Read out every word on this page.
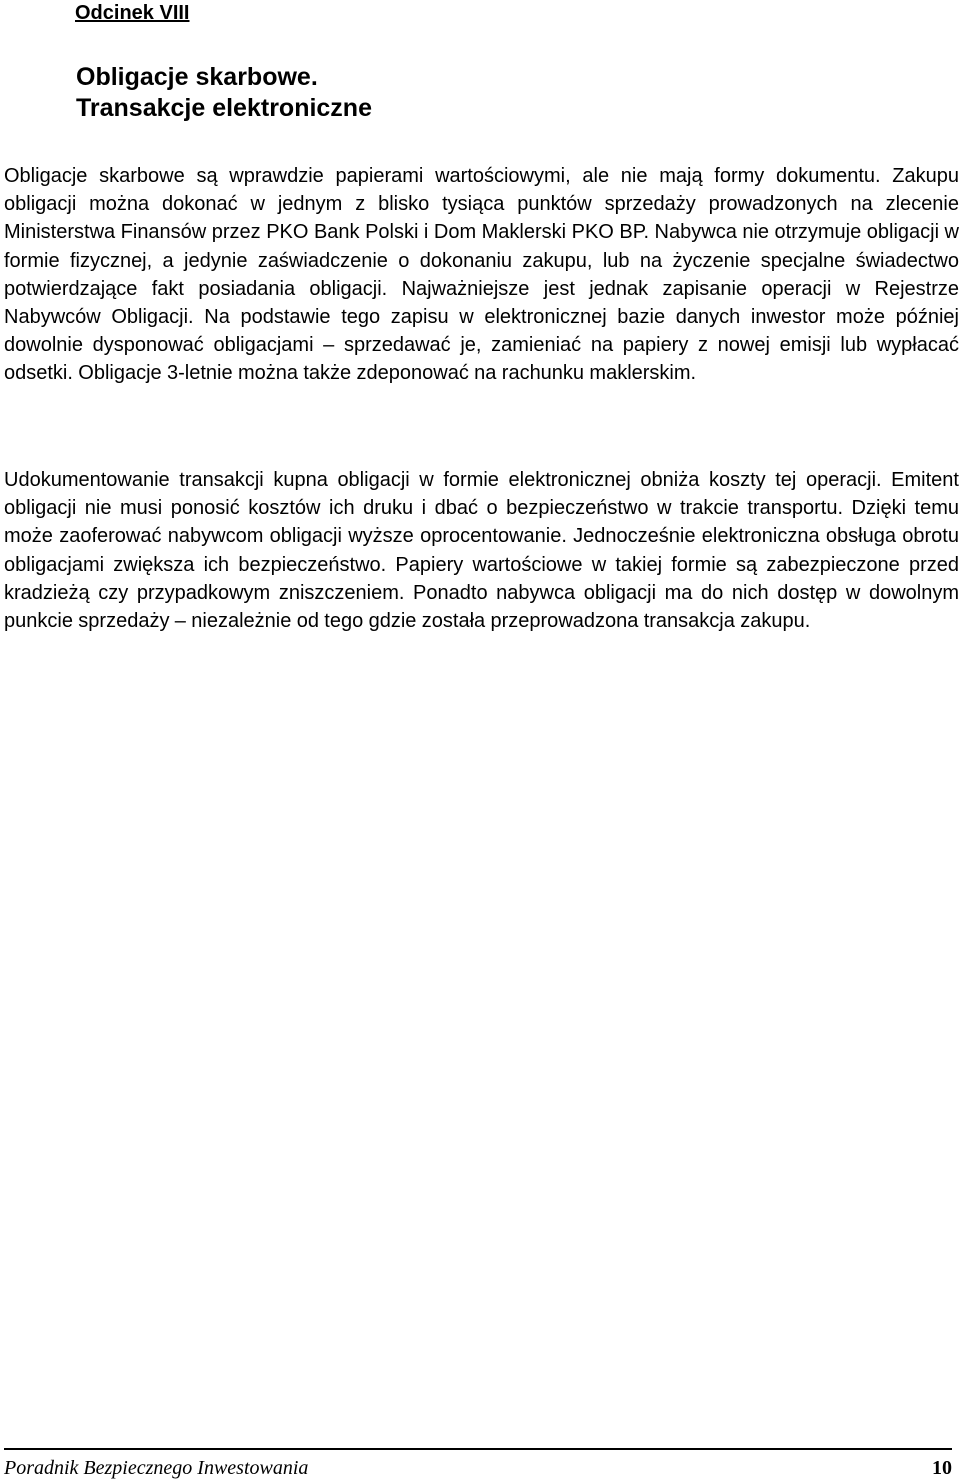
Odcinek VIII
Obligacje skarbowe.
Transakcje elektroniczne

Obligacje skarbowe są wprawdzie papierami wartościowymi, ale nie mają formy dokumentu. Zakupu obligacji można dokonać w jednym z blisko tysiąca punktów sprzedaży prowadzonych na zlecenie Ministerstwa Finansów przez PKO Bank Polski i Dom Maklerski PKO BP. Nabywca nie otrzymuje obligacji w formie fizycznej, a jedynie zaświadczenie o dokonaniu zakupu, lub na życzenie specjalne świadectwo potwierdzające fakt posiadania obligacji. Najważniejsze jest jednak zapisanie operacji w Rejestrze Nabywców Obligacji. Na podstawie tego zapisu w elektronicznej bazie danych inwestor może później dowolnie dysponować obligacjami – sprzedawać je, zamieniać na papiery z nowej emisji lub wypłacać odsetki. Obligacje 3-letnie można także zdeponować na rachunku maklerskim.

Udokumentowanie transakcji kupna obligacji w formie elektronicznej obniża koszty tej operacji. Emitent obligacji nie musi ponosić kosztów ich druku i dbać o bezpieczeństwo w trakcie transportu. Dzięki temu może zaoferować nabywcom obligacji wyższe oprocentowanie. Jednocześnie elektroniczna obsługa obrotu obligacjami zwiększa ich bezpieczeństwo. Papiery wartościowe w takiej formie są zabezpieczone przed kradzieżą czy przypadkowym zniszczeniem. Ponadto nabywca obligacji ma do nich dostęp w dowolnym punkcie sprzedaży – niezależnie od tego gdzie została przeprowadzona transakcja zakupu.

Poradnik Bezpiecznego Inwestowania	10
